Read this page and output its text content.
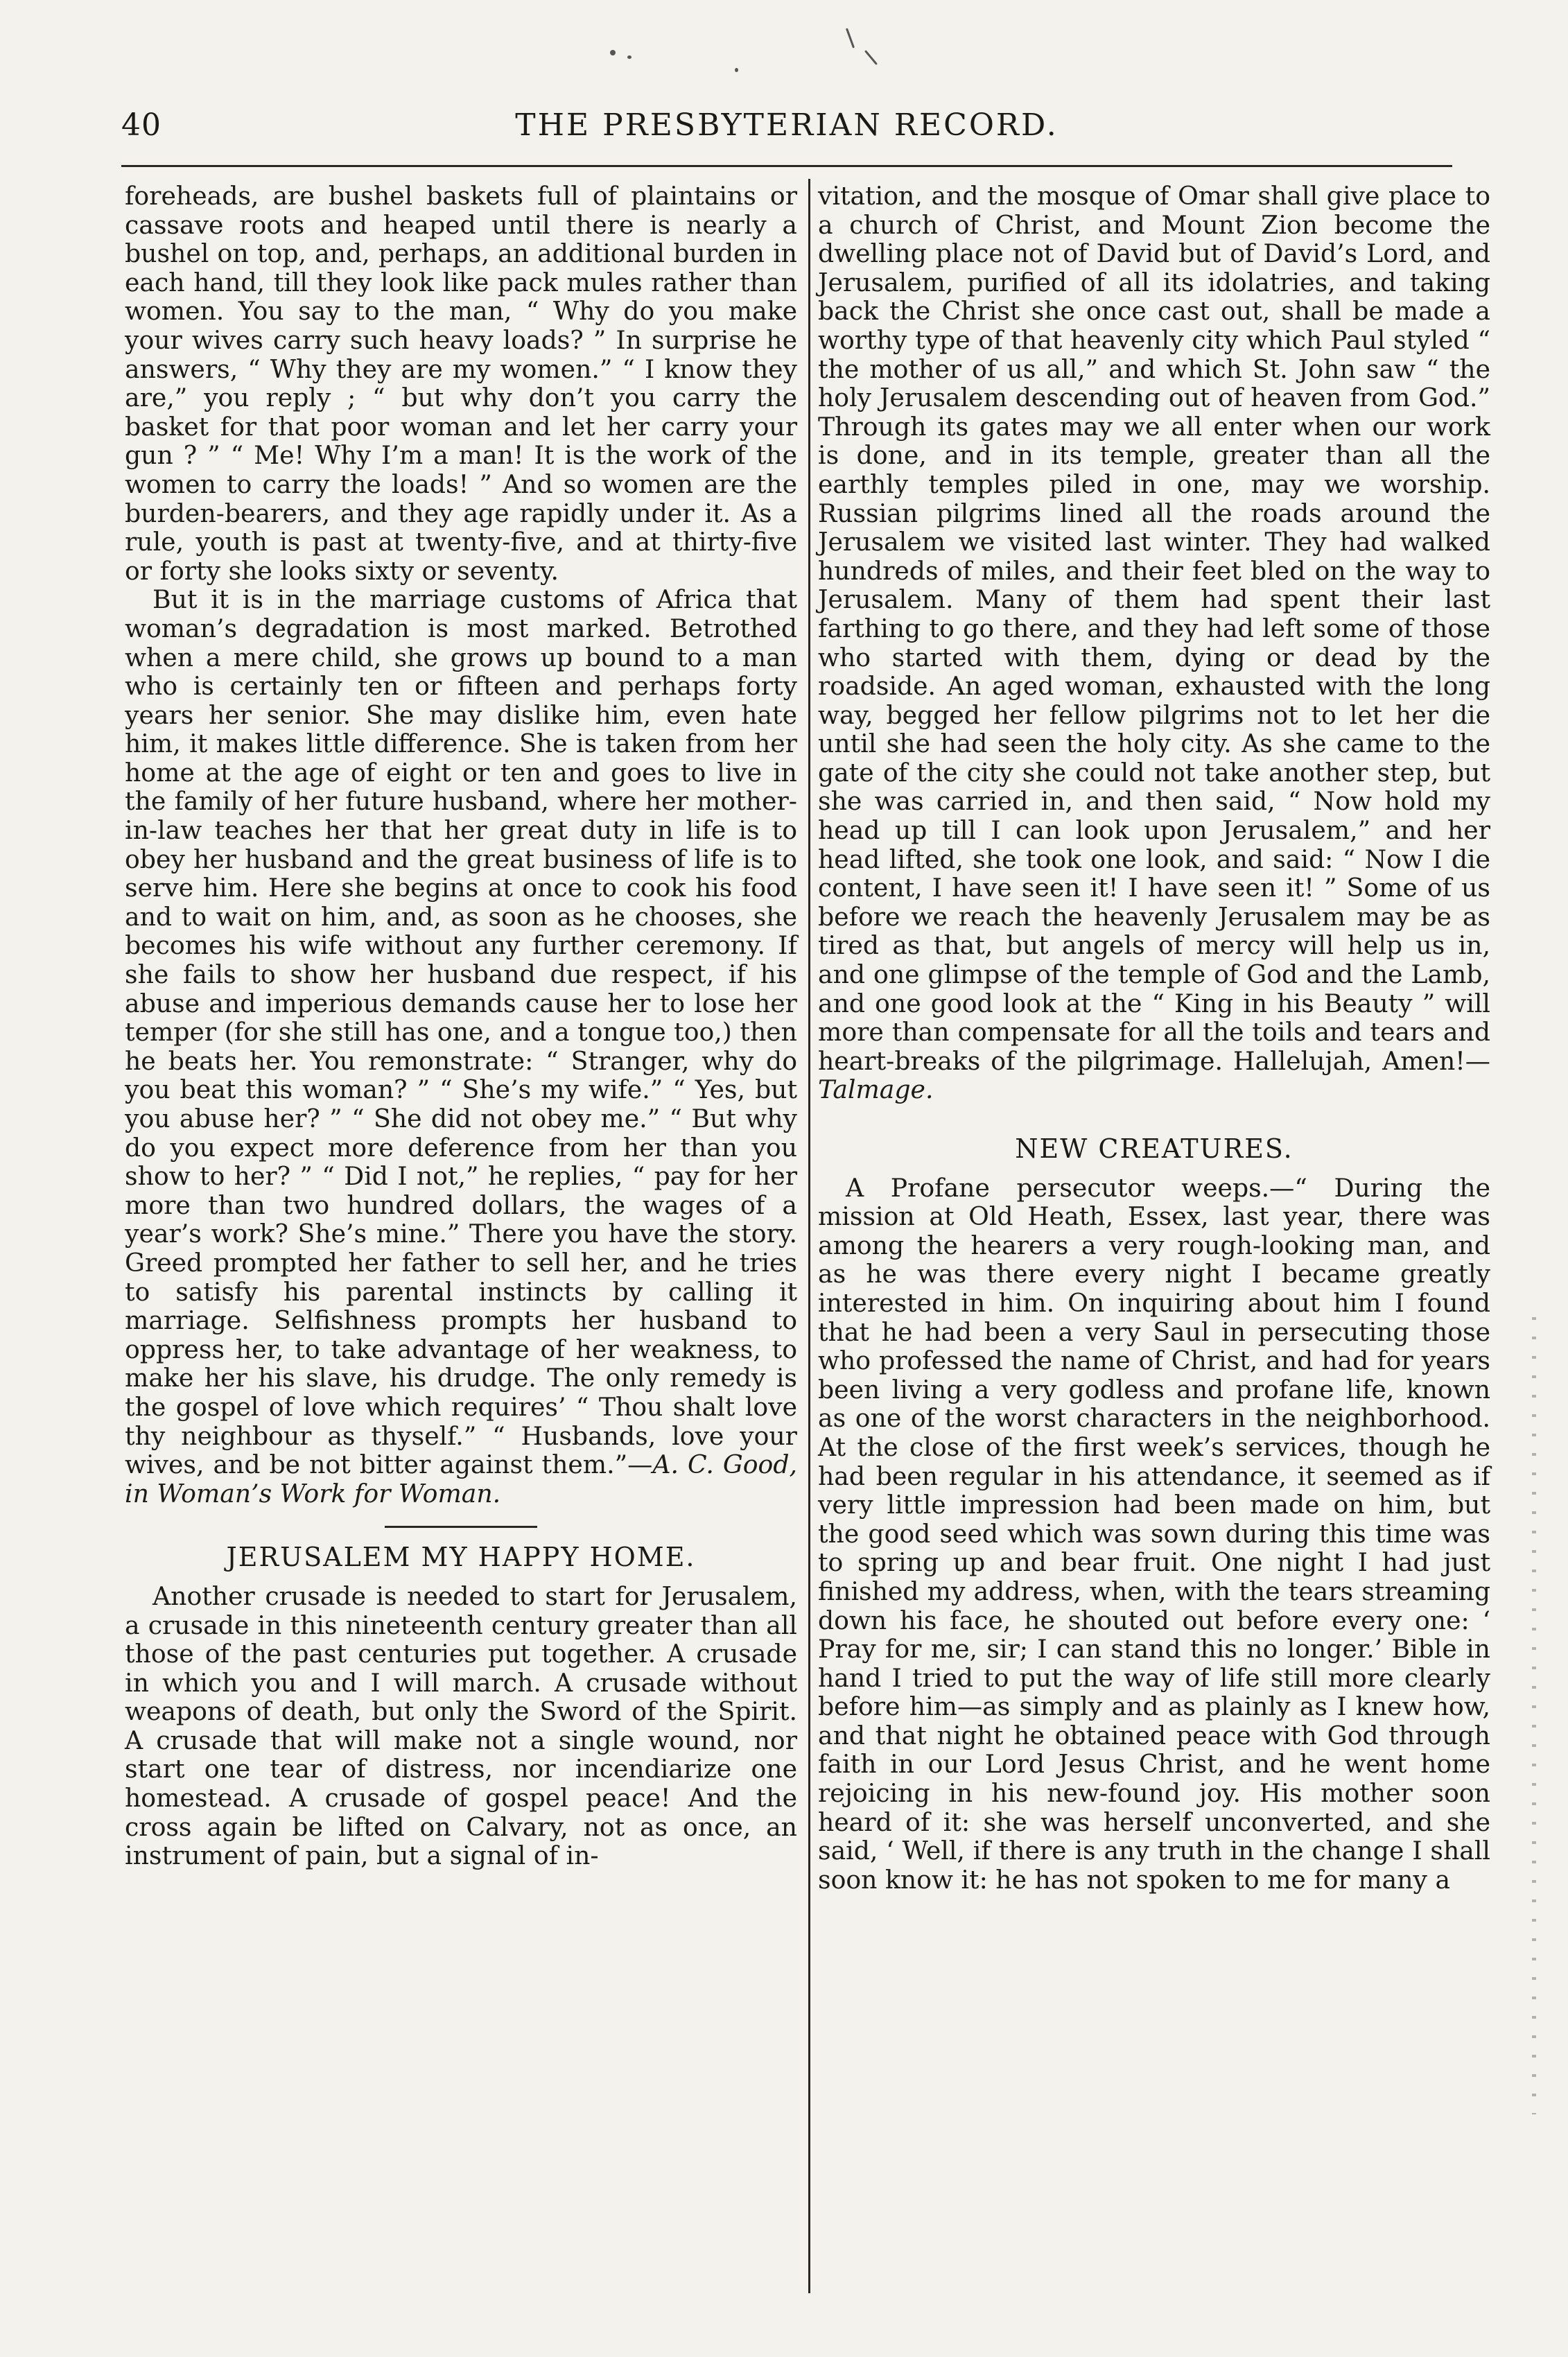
40	THE PRESBYTERIAN RECORD.

foreheads, are bushel baskets full of plaintains or cassave roots and heaped until there is nearly a bushel on top, and, perhaps, an additional burden in each hand, till they look like pack mules rather than women. You say to the man, “ Why do you make your wives carry such heavy loads? ” In surprise he answers, “ Why they are my women.” “ I know they are,” you reply ; “ but why don’t you carry the basket for that poor woman and let her carry your gun ? ” “ Me! Why I’m a man! It is the work of the women to carry the loads! ” And so women are the burden-bearers, and they age rapidly under it. As a rule, youth is past at twenty-five, and at thirty-five or forty she looks sixty or seventy.

But it is in the marriage customs of Africa that woman’s degradation is most marked. Betrothed when a mere child, she grows up bound to a man who is certainly ten or fifteen and perhaps forty years her senior. She may dislike him, even hate him, it makes little difference. She is taken from her home at the age of eight or ten and goes to live in the family of her future husband, where her mother-in-law teaches her that her great duty in life is to obey her husband and the great business of life is to serve him. Here she begins at once to cook his food and to wait on him, and, as soon as he chooses, she becomes his wife without any further ceremony. If she fails to show her husband due respect, if his abuse and imperious demands cause her to lose her temper (for she still has one, and a tongue too,) then he beats her. You remonstrate: “ Stranger, why do you beat this woman? ” “ She’s my wife.” “ Yes, but you abuse her? ” “ She did not obey me.” “ But why do you expect more deference from her than you show to her? ” “ Did I not,” he replies, “ pay for her more than two hundred dollars, the wages of a year’s work? She’s mine.” There you have the story. Greed prompted her father to sell her, and he tries to satisfy his parental instincts by calling it marriage. Selfishness prompts her husband to oppress her, to take advantage of her weakness, to make her his slave, his drudge. The only remedy is the gospel of love which requires’ “ Thou shalt love thy neighbour as thyself.” “ Husbands, love your wives, and be not bitter against them.”—A. C. Good, in Woman’s Work for Woman.

JERUSALEM MY HAPPY HOME.

Another crusade is needed to start for Jerusalem, a crusade in this nineteenth century greater than all those of the past centuries put together. A crusade in which you and I will march. A crusade without weapons of death, but only the Sword of the Spirit. A crusade that will make not a single wound, nor start one tear of distress, nor incendiarize one homestead. A crusade of gospel peace! And the cross again be lifted on Calvary, not as once, an instrument of pain, but a signal of in-

vitation, and the mosque of Omar shall give place to a church of Christ, and Mount Zion become the dwelling place not of David but of David’s Lord, and Jerusalem, purified of all its idolatries, and taking back the Christ she once cast out, shall be made a worthy type of that heavenly city which Paul styled “ the mother of us all,” and which St. John saw “ the holy Jerusalem descending out of heaven from God.” Through its gates may we all enter when our work is done, and in its temple, greater than all the earthly temples piled in one, may we worship. Russian pilgrims lined all the roads around the Jerusalem we visited last winter. They had walked hundreds of miles, and their feet bled on the way to Jerusalem. Many of them had spent their last farthing to go there, and they had left some of those who started with them, dying or dead by the roadside. An aged woman, exhausted with the long way, begged her fellow pilgrims not to let her die until she had seen the holy city. As she came to the gate of the city she could not take another step, but she was carried in, and then said, “ Now hold my head up till I can look upon Jerusalem,” and her head lifted, she took one look, and said: “ Now I die content, I have seen it! I have seen it! ” Some of us before we reach the heavenly Jerusalem may be as tired as that, but angels of mercy will help us in, and one glimpse of the temple of God and the Lamb, and one good look at the “ King in his Beauty ” will more than compensate for all the toils and tears and heart-breaks of the pilgrimage. Hallelujah, Amen!—Talmage.

NEW CREATURES.

A Profane persecutor weeps.—“ During the mission at Old Heath, Essex, last year, there was among the hearers a very rough-looking man, and as he was there every night I became greatly interested in him. On inquiring about him I found that he had been a very Saul in persecuting those who professed the name of Christ, and had for years been living a very godless and profane life, known as one of the worst characters in the neighborhood. At the close of the first week’s services, though he had been regular in his attendance, it seemed as if very little impression had been made on him, but the good seed which was sown during this time was to spring up and bear fruit. One night I had just finished my address, when, with the tears streaming down his face, he shouted out before every one: ‘ Pray for me, sir; I can stand this no longer.’ Bible in hand I tried to put the way of life still more clearly before him—as simply and as plainly as I knew how, and that night he obtained peace with God through faith in our Lord Jesus Christ, and he went home rejoicing in his new-found joy. His mother soon heard of it: she was herself unconverted, and she said, ‘ Well, if there is any truth in the change I shall soon know it: he has not spoken to me for many a
